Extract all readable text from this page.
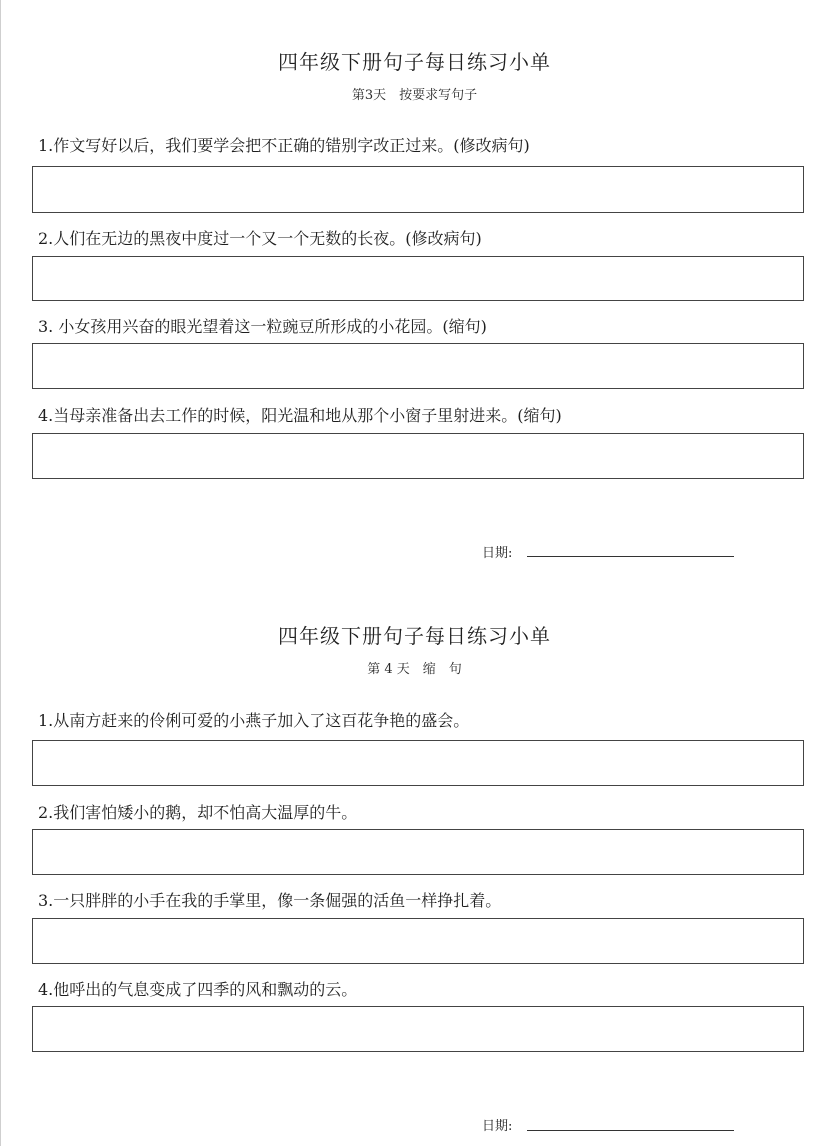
四年级下册句子每日练习小单
第3天　按要求写句子
1.作文写好以后，我们要学会把不正确的错别字改正过来。(修改病句)
2.人们在无边的黑夜中度过一个又一个无数的长夜。(修改病句)
3. 小女孩用兴奋的眼光望着这一粒豌豆所形成的小花园。(缩句)
4.当母亲准备出去工作的时候，阳光温和地从那个小窗子里射进来。(缩句)
日期:
四年级下册句子每日练习小单
第 4 天　缩　句
1.从南方赶来的伶俐可爱的小燕子加入了这百花争艳的盛会。
2.我们害怕矮小的鹅，却不怕高大温厚的牛。
3.一只胖胖的小手在我的手掌里，像一条倔强的活鱼一样挣扎着。
4.他呼出的气息变成了四季的风和飘动的云。
日期:
